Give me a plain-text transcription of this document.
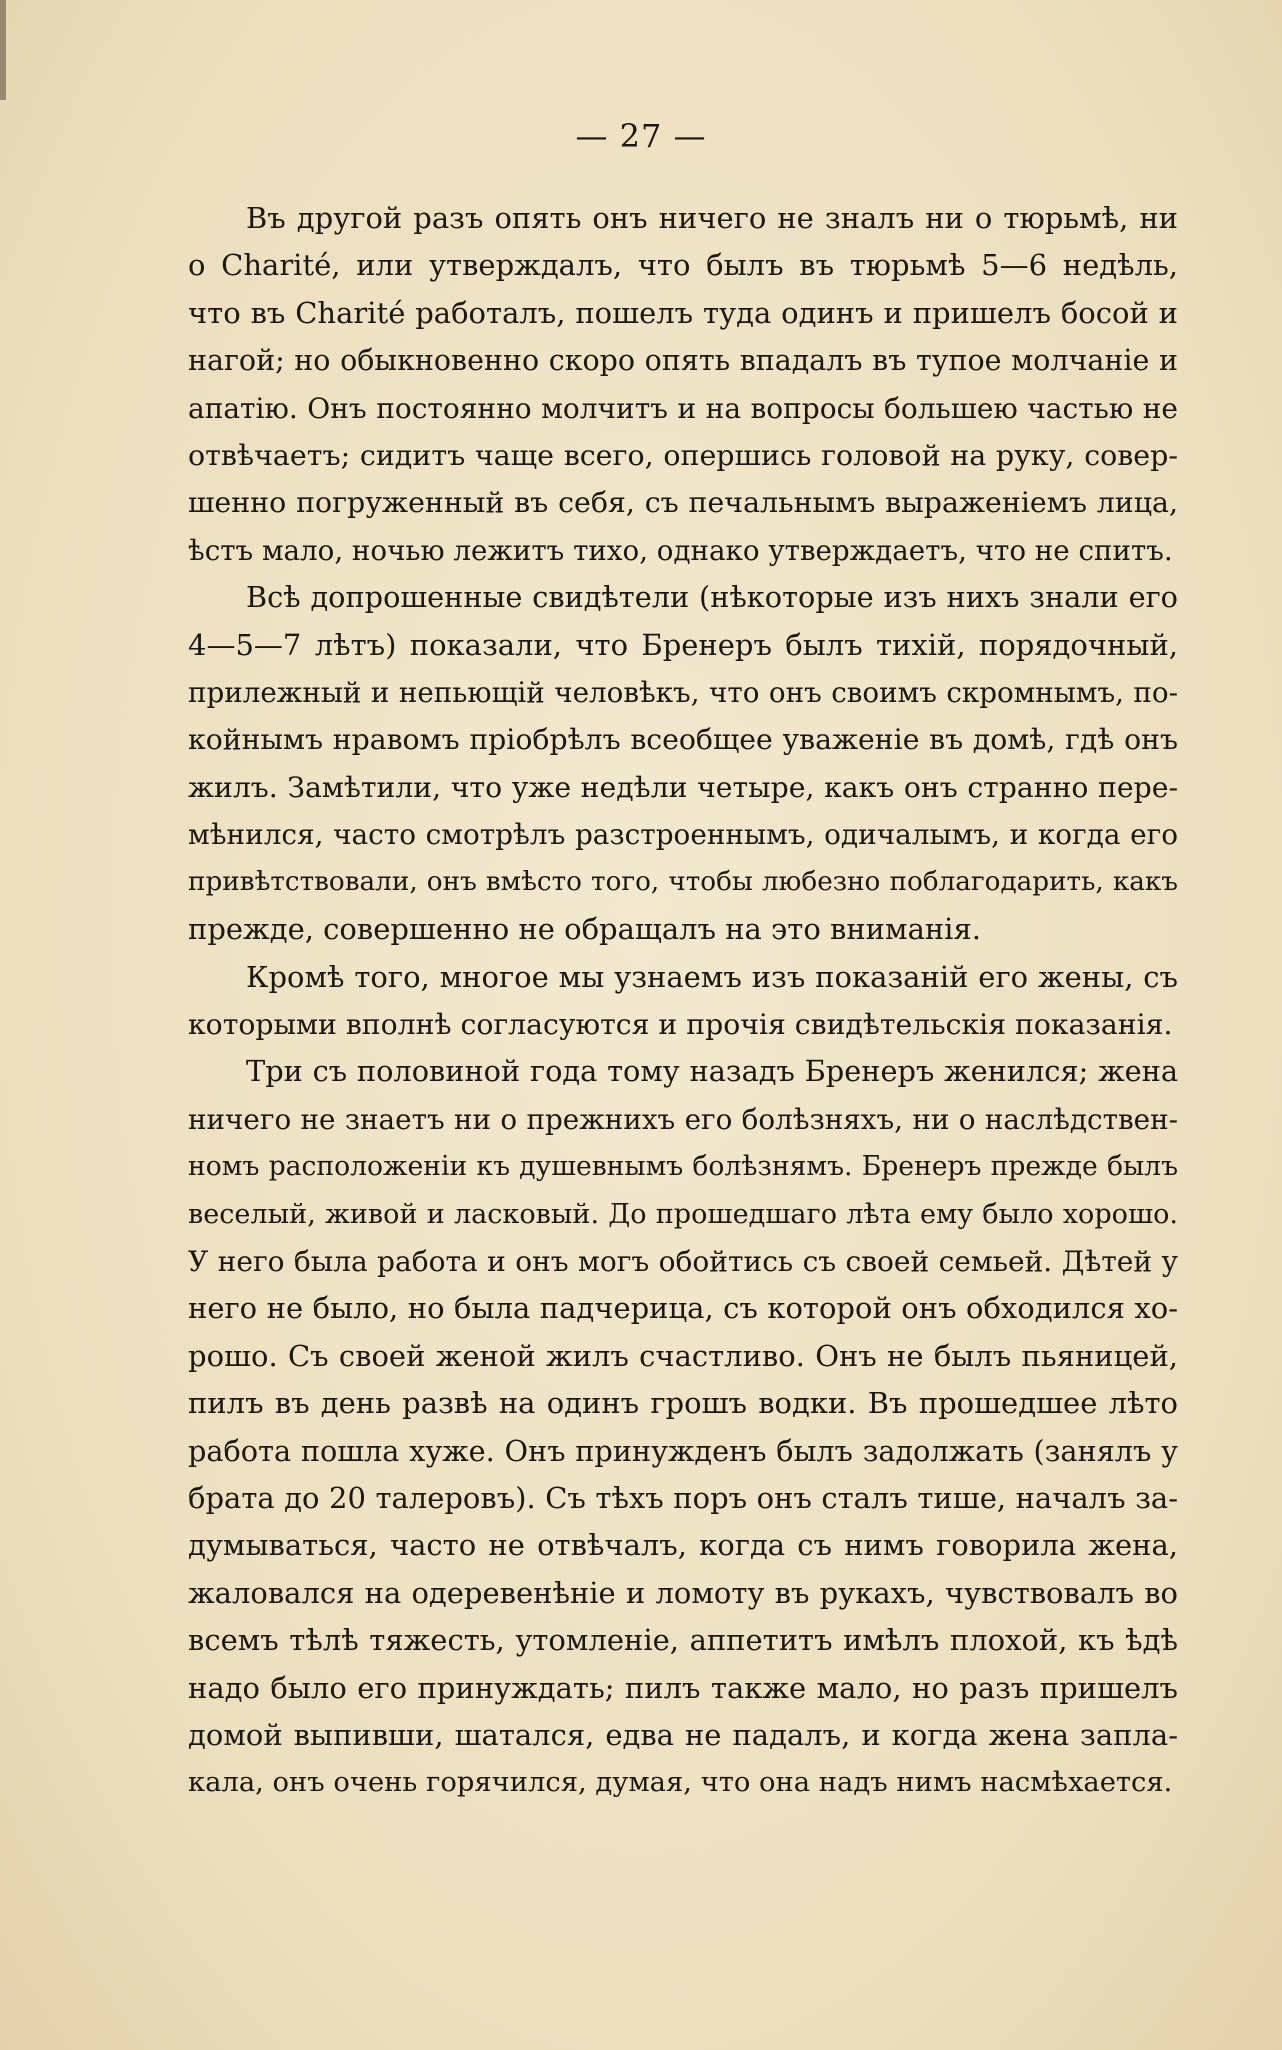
— 27 —

Въ другой разъ опять онъ ничего не зналъ ни о тюрьмѣ, ни
о Charité, или утверждалъ, что былъ въ тюрьмѣ 5—6 недѣль,
что въ Charité работалъ, пошелъ туда одинъ и пришелъ босой и
нагой; но обыкновенно скоро опять впадалъ въ тупое молчаніе и
апатію. Онъ постоянно молчитъ и на вопросы большею частью не
отвѣчаетъ; сидитъ чаще всего, опершись головой на руку, совер-
шенно погруженный въ себя, съ печальнымъ выраженіемъ лица,
ѣстъ мало, ночью лежитъ тихо, однако утверждаетъ, что не спитъ.

Всѣ допрошенные свидѣтели (нѣкоторые изъ нихъ знали его
4—5—7 лѣтъ) показали, что Бренеръ былъ тихій, порядочный,
прилежный и непьющій человѣкъ, что онъ своимъ скромнымъ, по-
койнымъ нравомъ пріобрѣлъ всеобщее уваженіе въ домѣ, гдѣ онъ
жилъ. Замѣтили, что уже недѣли четыре, какъ онъ странно пере-
мѣнился, часто смотрѣлъ разстроеннымъ, одичалымъ, и когда его
привѣтствовали, онъ вмѣсто того, чтобы любезно поблагодарить, какъ
прежде, совершенно не обращалъ на это вниманія.

Кромѣ того, многое мы узнаемъ изъ показаній его жены, съ
которыми вполнѣ согласуются и прочія свидѣтельскія показанія.

Три съ половиной года тому назадъ Бренеръ женился; жена
ничего не знаетъ ни о прежнихъ его болѣзняхъ, ни о наслѣдствен-
номъ расположеніи къ душевнымъ болѣзнямъ. Бренеръ прежде былъ
веселый, живой и ласковый. До прошедшаго лѣта ему было хорошо.
У него была работа и онъ могъ обойтись съ своей семьей. Дѣтей у
него не было, но была падчерица, съ которой онъ обходился хо-
рошо. Съ своей женой жилъ счастливо. Онъ не былъ пьяницей,
пилъ въ день развѣ на одинъ грошъ водки. Въ прошедшее лѣто
работа пошла хуже. Онъ принужденъ былъ задолжать (занялъ у
брата до 20 талеровъ). Съ тѣхъ поръ онъ сталъ тише, началъ за-
думываться, часто не отвѣчалъ, когда съ нимъ говорила жена,
жаловался на одеревенѣніе и ломоту въ рукахъ, чувствовалъ во
всемъ тѣлѣ тяжесть, утомленіе, аппетитъ имѣлъ плохой, къ ѣдѣ
надо было его принуждать; пилъ также мало, но разъ пришелъ
домой выпивши, шатался, едва не падалъ, и когда жена запла-
кала, онъ очень горячился, думая, что она надъ нимъ насмѣхается.
